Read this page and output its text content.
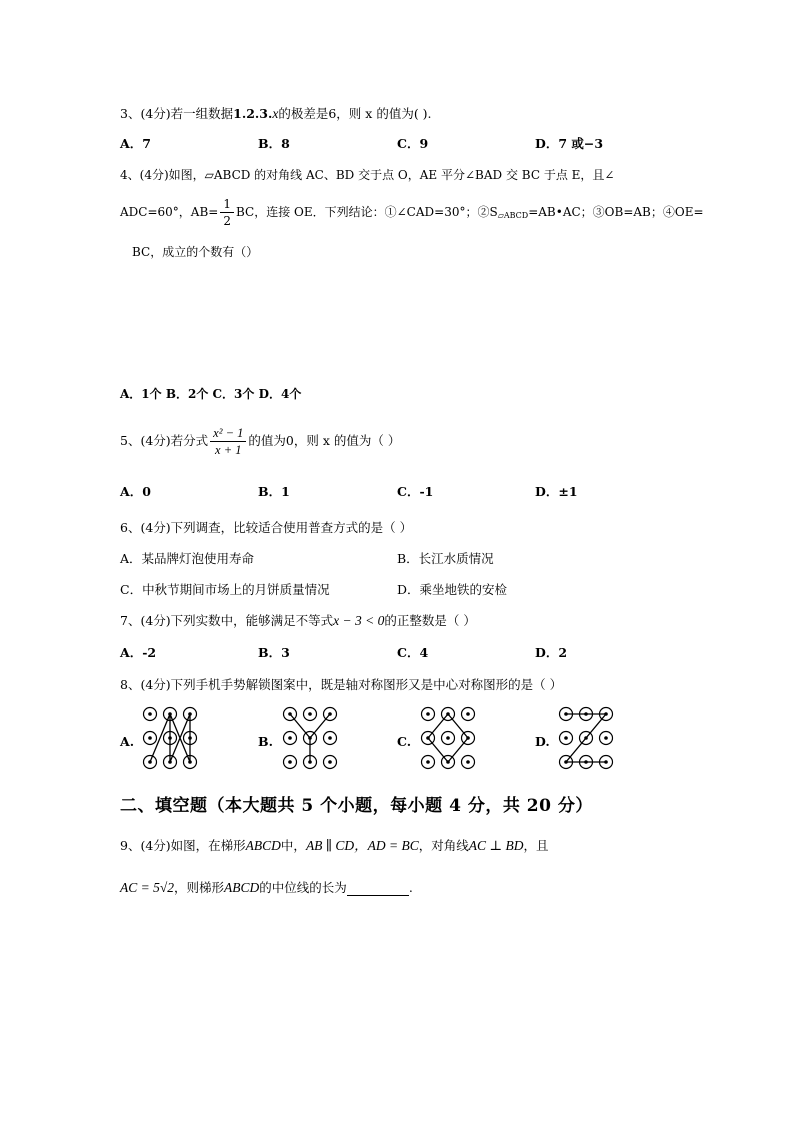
3、(4分)若一组数据1.2.3.x的极差是6，则 x 的值为( ).
A．7	B．8	C．9	D．7 或−3
4、(4分)如图，▱ABCD 的对角线 AC、BD 交于点 O，AE 平分∠BAD 交 BC 于点 E，且∠
ADC=60°，$AB= \frac{1}{2}$ BC，连接 OE．下列结论：①∠CAD=30°；$②S_{▱ABCD}=AB•AC$；③OB=AB；④OE=
BC，成立的个数有（）
A．1个 B．2个 C．3个 D．4个
5、(4分)若分式 $\frac{\text{x² − 1}}{x + 1}$ 的值为0，则 x 的值为（ ）
A．0	B．1	C．-1	D．±1
6、(4分)下列调查，比较适合使用普查方式的是（ ）
A．某品牌灯泡使用寿命	B．长江水质情况
C．中秋节期间市场上的月饼质量情况	D．乘坐地铁的安检
7、(4分)下列实数中，能够满足不等式x − 3 < 0的正整数是（ ）
A．-2	B．3	C．4	D．2
8、(4分)下列手机手势解锁图案中，既是轴对称图形又是中心对称图形的是（ ）
A.	B.	C.	D.
二、填空题（本大题共 5 个小题，每小题 4 分，共 20 分）
9、(4分)如图，在梯形ABCD中，AB ∥ CD，AD = BC，对角线AC ⊥ BD，且
AC = 5√2，则梯形ABCD的中位线的长为	.
